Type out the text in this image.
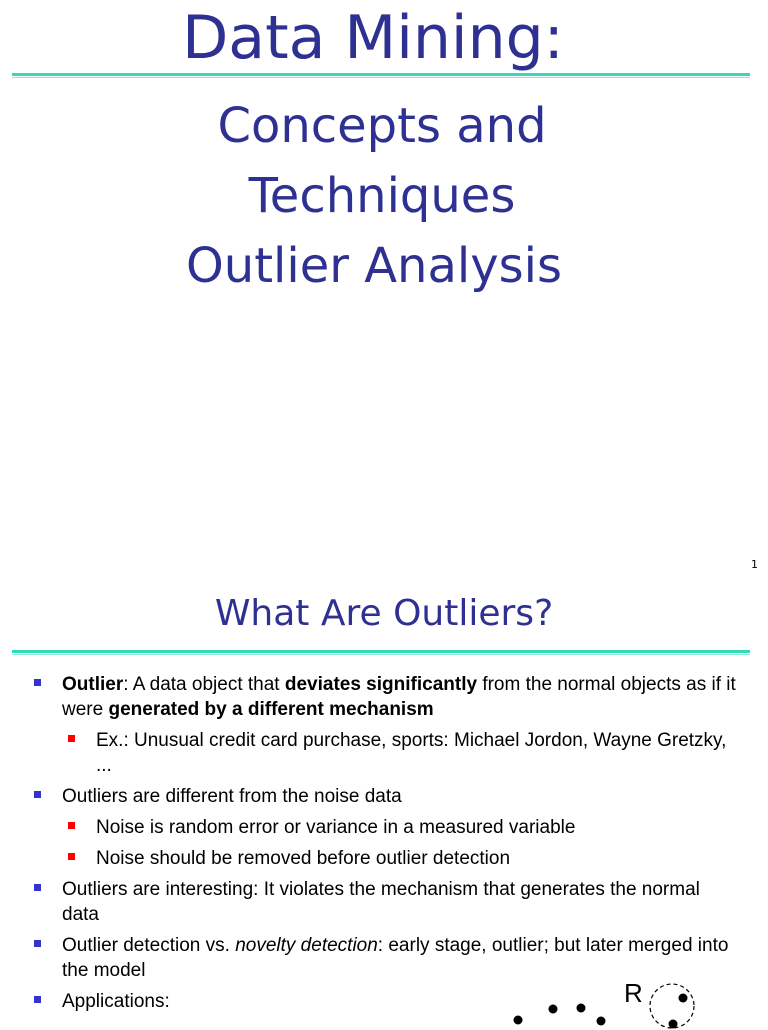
Data Mining:
Concepts and
Techniques
Outlier Analysis
1
What Are Outliers?
Outlier: A data object that deviates significantly from the normal objects as if it were generated by a different mechanism
Ex.: Unusual credit card purchase, sports: Michael Jordon, Wayne Gretzky, ...
Outliers are different from the noise data
Noise is random error or variance in a measured variable
Noise should be removed before outlier detection
Outliers are interesting: It violates the mechanism that generates the normal data
Outlier detection vs. novelty detection: early stage, outlier; but later merged into the model
Applications:	R
